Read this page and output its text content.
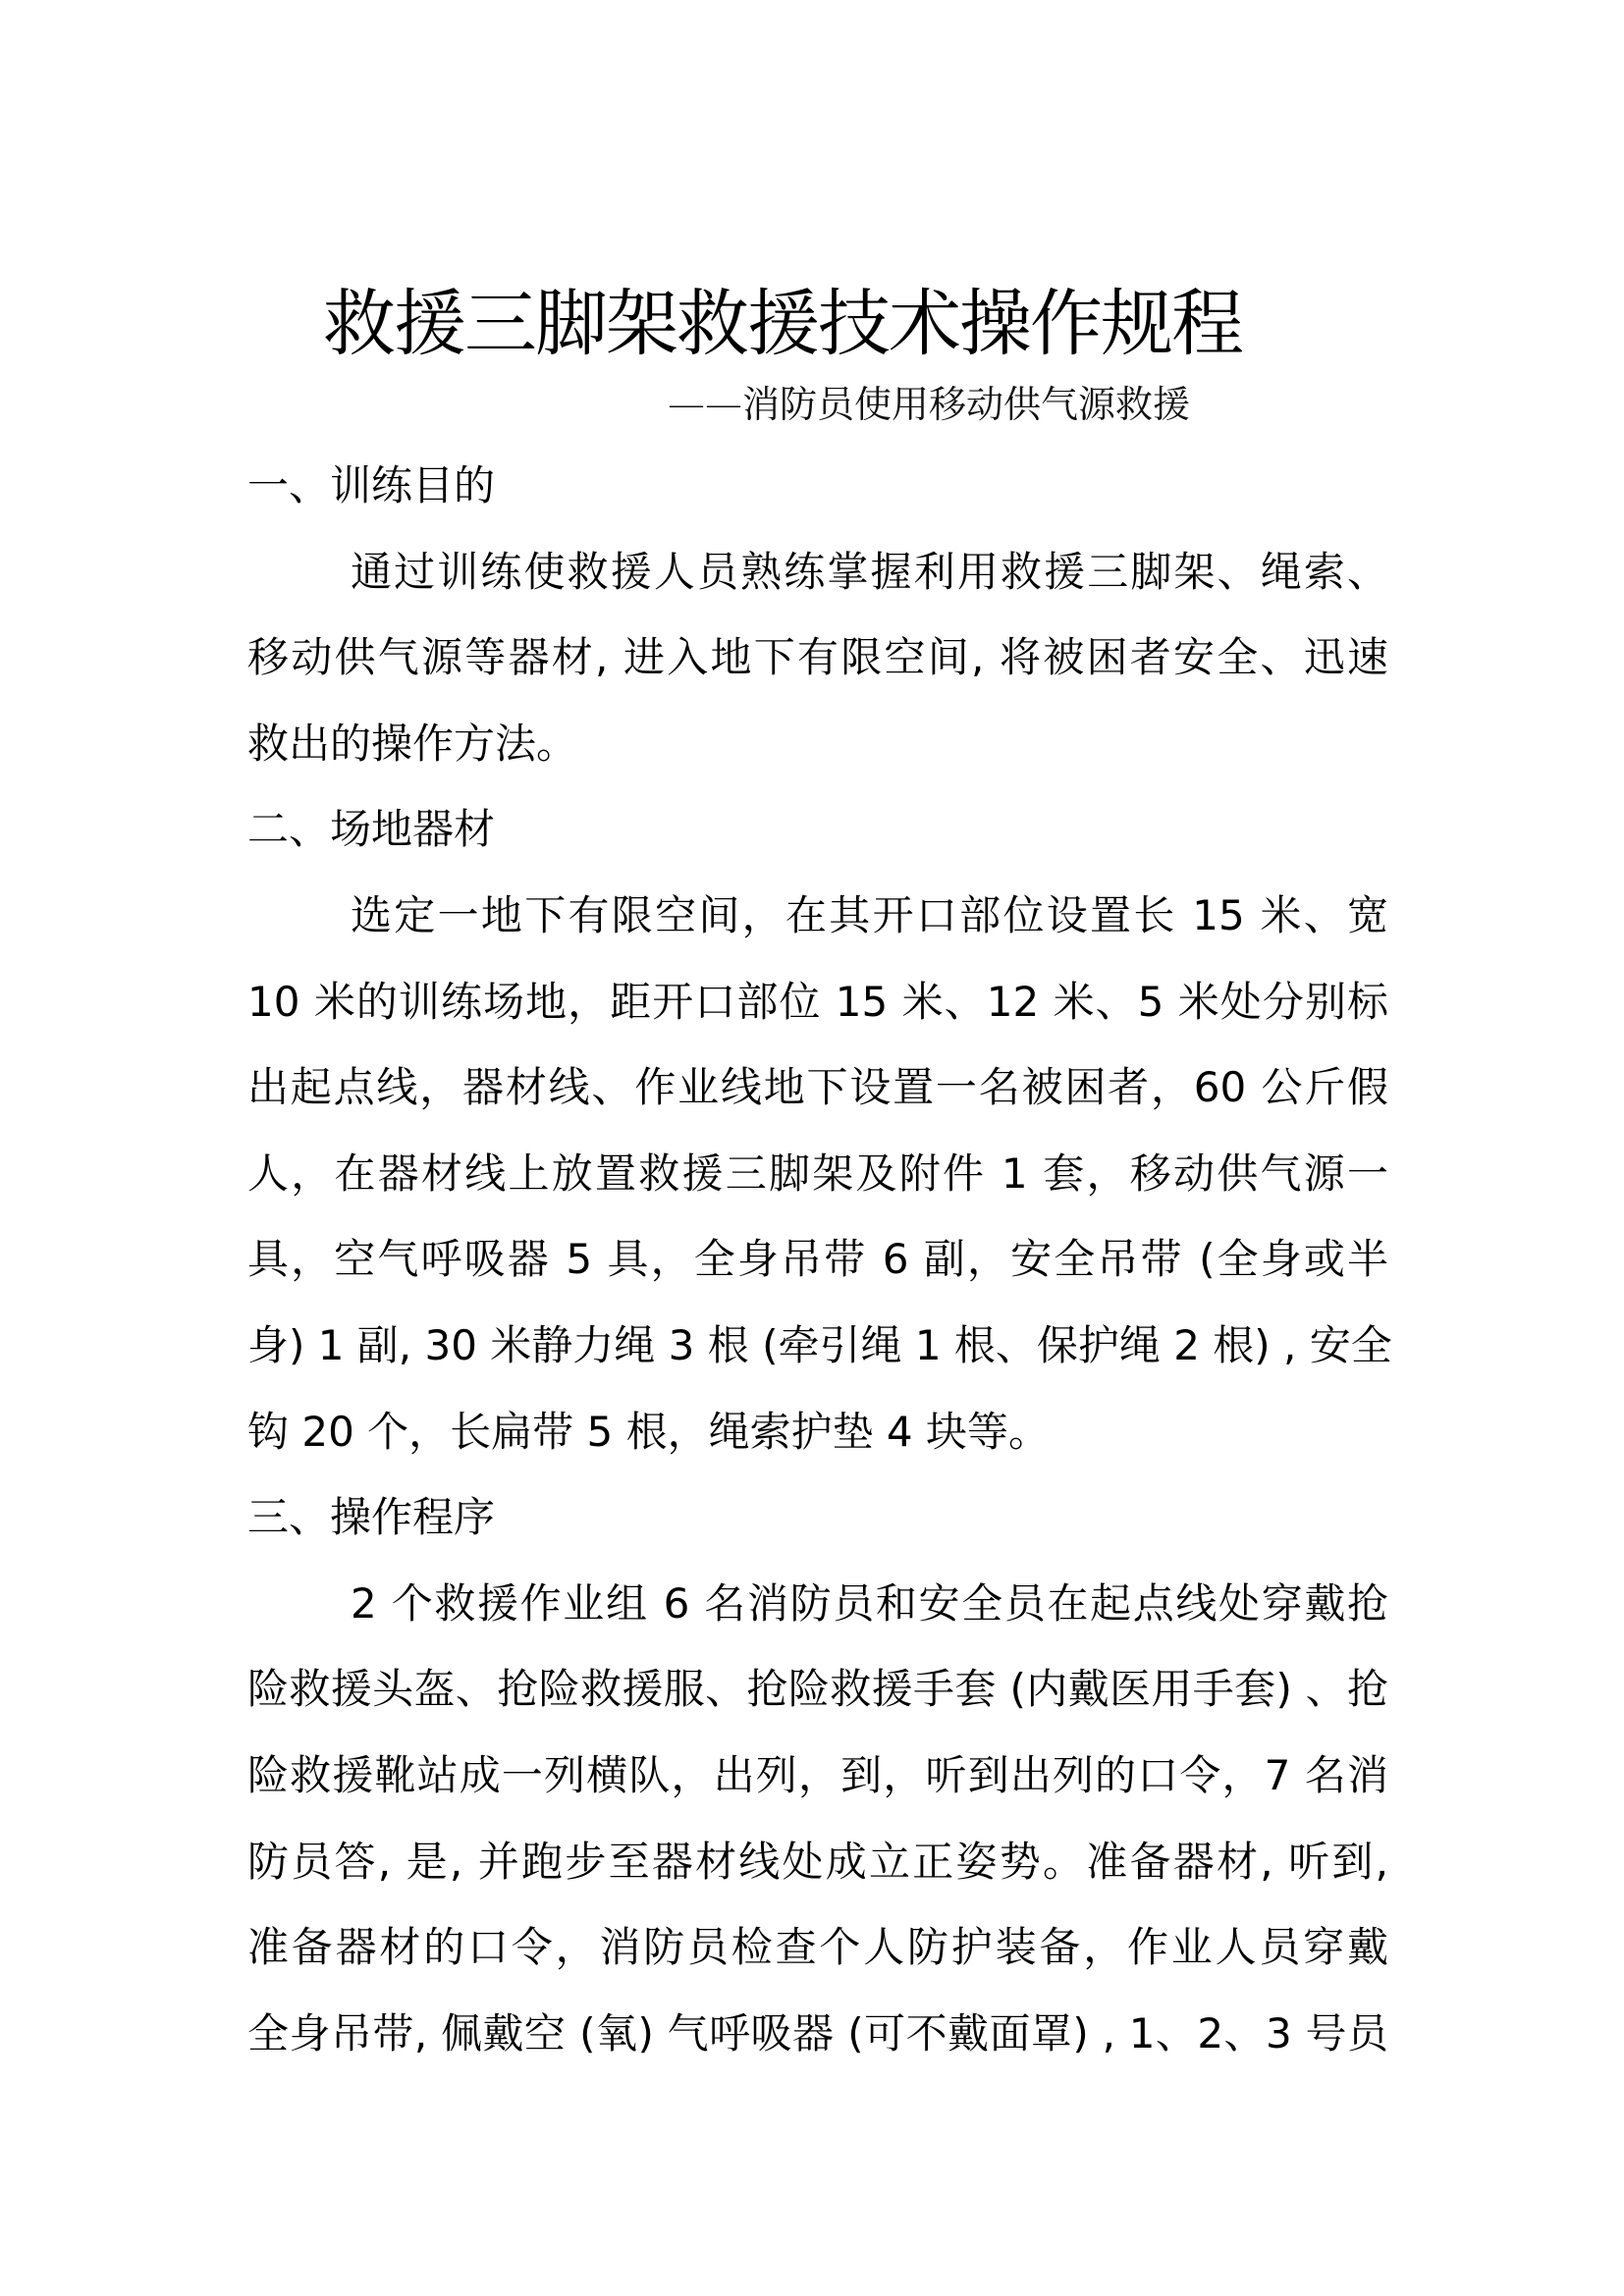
救援三脚架救援技术操作规程
——消防员使用移动供气源救援
一、训练目的
通过训练使救援人员熟练掌握利用救援三脚架、绳索、
移动供气源等器材, 进入地下有限空间, 将被困者安全、迅速
救出的操作方法。
二、场地器材
选定一地下有限空间，在其开口部位设置长 15 米、宽
10 米的训练场地，距开口部位 15 米、12 米、5 米处分别标
出起点线，器材线、作业线地下设置一名被困者，60 公斤假
人，在器材线上放置救援三脚架及附件 1 套，移动供气源一
具，空气呼吸器 5 具，全身吊带 6 副，安全吊带 (全身或半
身) 1 副, 30 米静力绳 3 根 (牵引绳 1 根、保护绳 2 根) , 安全
钩 20 个，长扁带 5 根，绳索护垫 4 块等。
三、操作程序
2 个救援作业组 6 名消防员和安全员在起点线处穿戴抢
险救援头盔、抢险救援服、抢险救援手套 (内戴医用手套) 、抢
险救援靴站成一列横队，出列，到，听到出列的口令，7 名消
防员答, 是, 并跑步至器材线处成立正姿势。准备器材, 听到,
准备器材的口令，消防员检查个人防护装备，作业人员穿戴
全身吊带, 佩戴空 (氧) 气呼吸器 (可不戴面罩) , 1、2、3 号员
